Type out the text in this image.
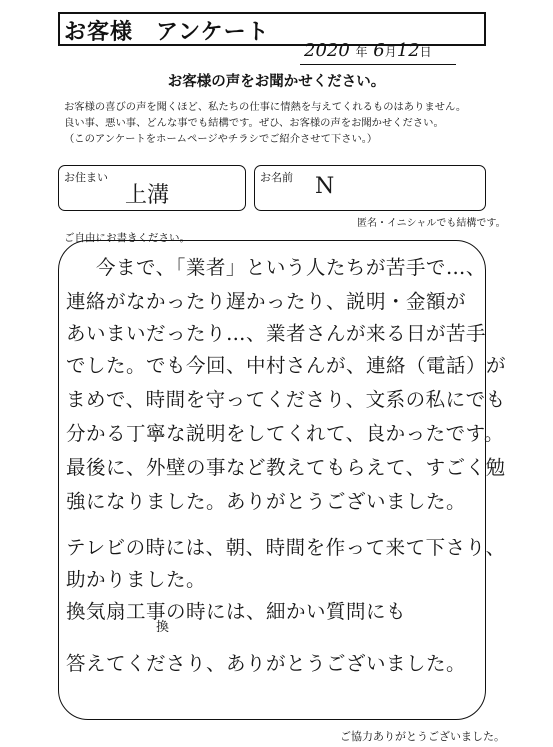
お客様　アンケート
2020 年 6月12日
お客様の声をお聞かせください。
お客様の喜びの声を聞くほど、私たちの仕事に情熱を与えてくれるものはありません。
良い事、悪い事、どんな事でも結構です。ぜひ、お客様の声をお聞かせください。
（このアンケートをホームページやチラシでご紹介させて下さい。）
お住まい
上溝
お名前 N
匿名・イニシャルでも結構です。
ご自由にお書きください。
今まで、「業者」という人たちが苦手で…、
連絡がなかったり遅かったり、説明・金額が
あいまいだったり…、業者さんが来る日が苦手
でした。でも今回、中村さんが、連絡（電話）が
まめで、時間を守ってくださり、文系の私にでも
分かる丁寧な説明をしてくれて、良かったです。
最後に、外壁の事など教えてもらえて、すごく勉
強になりました。ありがとうございました。
テレビの時には、朝、時間を作って来て下さり、
助かりました。
換気扇工事の時には、細かい質問にも
換
答えてくださり、ありがとうございました。
ご協力ありがとうございました。
